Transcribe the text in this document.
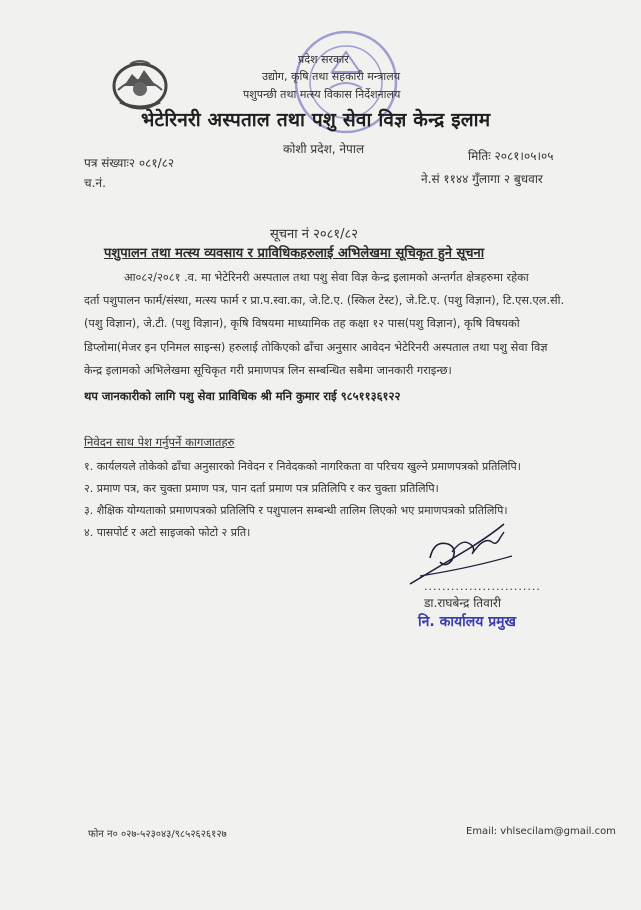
प्रदेश सरकार
उद्योग, कृषि तथा सहकारी मन्त्रालय
पशुपन्छी तथा मत्स्य विकास निर्देशनालय
भेटेरिनरी अस्पताल तथा पशु सेवा विज्ञ केन्द्र इलाम
कोशी प्रदेश, नेपाल
पत्र संख्याः२ ०८१/८२
च.नं.
मितिः २०८१।०५।०५
ने.सं ११४४ गुँलागा २ बुधवार
सूचना नं २०८१/८२
पशुपालन तथा मत्स्य व्यवसाय र प्राविधिकहरुलाई अभिलेखमा सूचिकृत हुने सूचना
आ०८२/२०८१ .व. मा भेटेरिनरी अस्पताल तथा पशु सेवा विज्ञ केन्द्र इलामको अन्तर्गत क्षेत्रहरुमा रहेका
दर्ता पशुपालन फार्म/संस्था, मत्स्य फार्म र प्रा.प.स्वा.का, जे.टि.ए. (स्किल टेस्ट), जे.टि.ए. (पशु विज्ञान), टि.एस.एल.सी.
(पशु विज्ञान), जे.टी. (पशु विज्ञान), कृषि विषयमा माध्यामिक तह कक्षा १२ पास(पशु विज्ञान), कृषि विषयको
डिप्लोमा(मेजर इन एनिमल साइन्स) हरुलाई तोकिएको ढाँचा अनुसार आवेदन भेटेरिनरी अस्पताल तथा पशु सेवा विज्ञ
केन्द्र इलामको अभिलेखमा सूचिकृत गरी प्रमाणपत्र लिन सम्बन्धित सबैमा जानकारी गराइन्छ।
थप जानकारीको लागि पशु सेवा प्राविधिक श्री मनि कुमार राई ९८५११३६१२२
निवेदन साथ पेश गर्नुपर्ने कागजातहरु
१. कार्यलयले तोकेको ढाँचा अनुसारको निवेदन र निवेदकको नागरिकता वा परिचय खुल्ने प्रमाणपत्रको प्रतिलिपि।
२. प्रमाण पत्र, कर चुक्ता प्रमाण पत्र, पान दर्ता प्रमाण पत्र प्रतिलिपि र कर चुक्ता प्रतिलिपि।
३. शैक्षिक योग्यताको प्रमाणपत्रको प्रतिलिपि र पशुपालन सम्बन्धी तालिम लिएको भए प्रमाणपत्रको प्रतिलिपि।
४. पासपोर्ट र अटो साइजको फोटो २ प्रति।
..........................
डा.राघबेन्द्र तिवारी
नि. कार्यालय प्रमुख
फोन न० ०२७-५२३०४३/९८५२६२६१२७	Email: vhlsecilam@gmail.com
